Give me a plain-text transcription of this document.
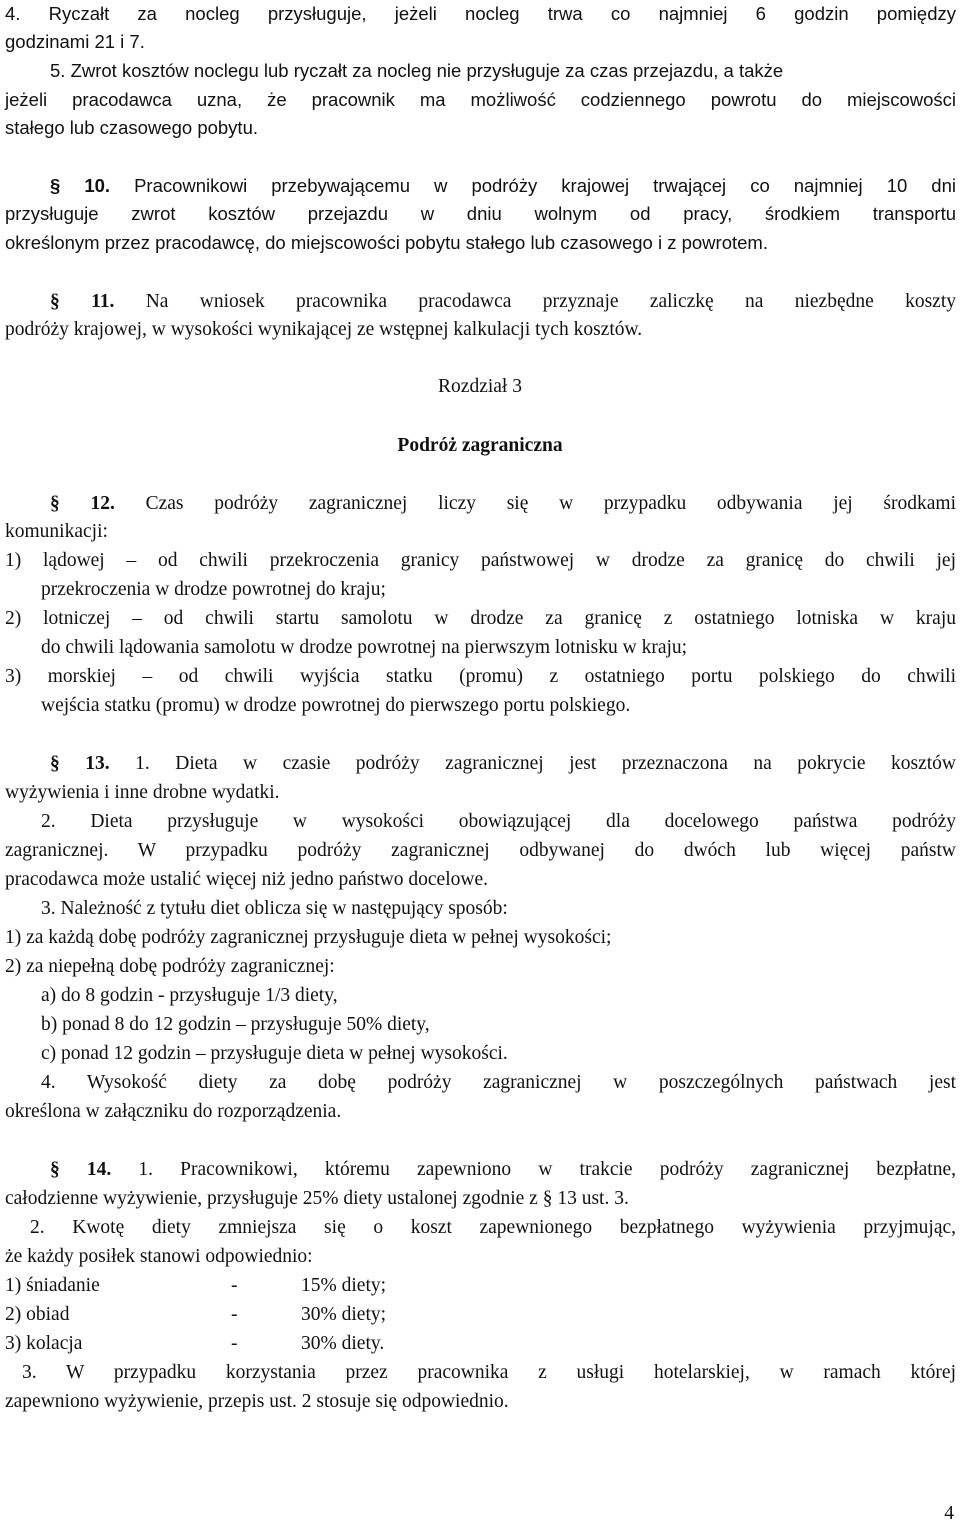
4. Ryczałt za nocleg przysługuje, jeżeli nocleg trwa co najmniej 6 godzin pomiędzy
godzinami 21 i 7.
5. Zwrot kosztów noclegu lub ryczałt za nocleg nie przysługuje za czas przejazdu, a także
jeżeli pracodawca uzna, że pracownik ma możliwość codziennego powrotu do miejscowości
stałego lub czasowego pobytu.
§ 10. Pracownikowi przebywającemu w podróży krajowej trwającej co najmniej 10 dni
przysługuje zwrot kosztów przejazdu w dniu wolnym od pracy, środkiem transportu
określonym przez pracodawcę, do miejscowości pobytu stałego lub czasowego i z powrotem.
§ 11. Na wniosek pracownika pracodawca przyznaje zaliczkę na niezbędne koszty
podróży krajowej, w wysokości wynikającej ze wstępnej kalkulacji tych kosztów.
Rozdział 3
Podróż zagraniczna
§ 12. Czas podróży zagranicznej liczy się w przypadku odbywania jej środkami
komunikacji:
1) lądowej – od chwili przekroczenia granicy państwowej w drodze za granicę do chwili jej
przekroczenia w drodze powrotnej do kraju;
2) lotniczej – od chwili startu samolotu w drodze za granicę z ostatniego lotniska w kraju
do chwili lądowania samolotu w drodze powrotnej na pierwszym lotnisku w kraju;
3) morskiej – od chwili wyjścia statku (promu) z ostatniego portu polskiego do chwili
wejścia statku (promu) w drodze powrotnej do pierwszego portu polskiego.
§ 13. 1. Dieta w czasie podróży zagranicznej jest przeznaczona na pokrycie kosztów
wyżywienia i inne drobne wydatki.
2. Dieta przysługuje w wysokości obowiązującej dla docelowego państwa podróży
zagranicznej. W przypadku podróży zagranicznej odbywanej do dwóch lub więcej państw
pracodawca może ustalić więcej niż jedno państwo docelowe.
3. Należność z tytułu diet oblicza się w następujący sposób:
1) za każdą dobę podróży zagranicznej przysługuje dieta w pełnej wysokości;
2) za niepełną dobę podróży zagranicznej:
a) do 8 godzin - przysługuje 1/3 diety,
b) ponad 8 do 12 godzin – przysługuje 50% diety,
c) ponad 12 godzin – przysługuje dieta w pełnej wysokości.
4. Wysokość diety za dobę podróży zagranicznej w poszczególnych państwach jest
określona w załączniku do rozporządzenia.
§ 14. 1. Pracownikowi, któremu zapewniono w trakcie podróży zagranicznej bezpłatne,
całodzienne wyżywienie, przysługuje 25% diety ustalonej zgodnie z § 13 ust. 3.
2. Kwotę diety zmniejsza się o koszt zapewnionego bezpłatnego wyżywienia przyjmując,
że każdy posiłek stanowi odpowiednio:
1) śniadanie	-	15% diety;
2) obiad	-	30% diety;
3) kolacja	-	30% diety.
3. W przypadku korzystania przez pracownika z usługi hotelarskiej, w ramach której
zapewniono wyżywienie, przepis ust. 2 stosuje się odpowiednio.
4
